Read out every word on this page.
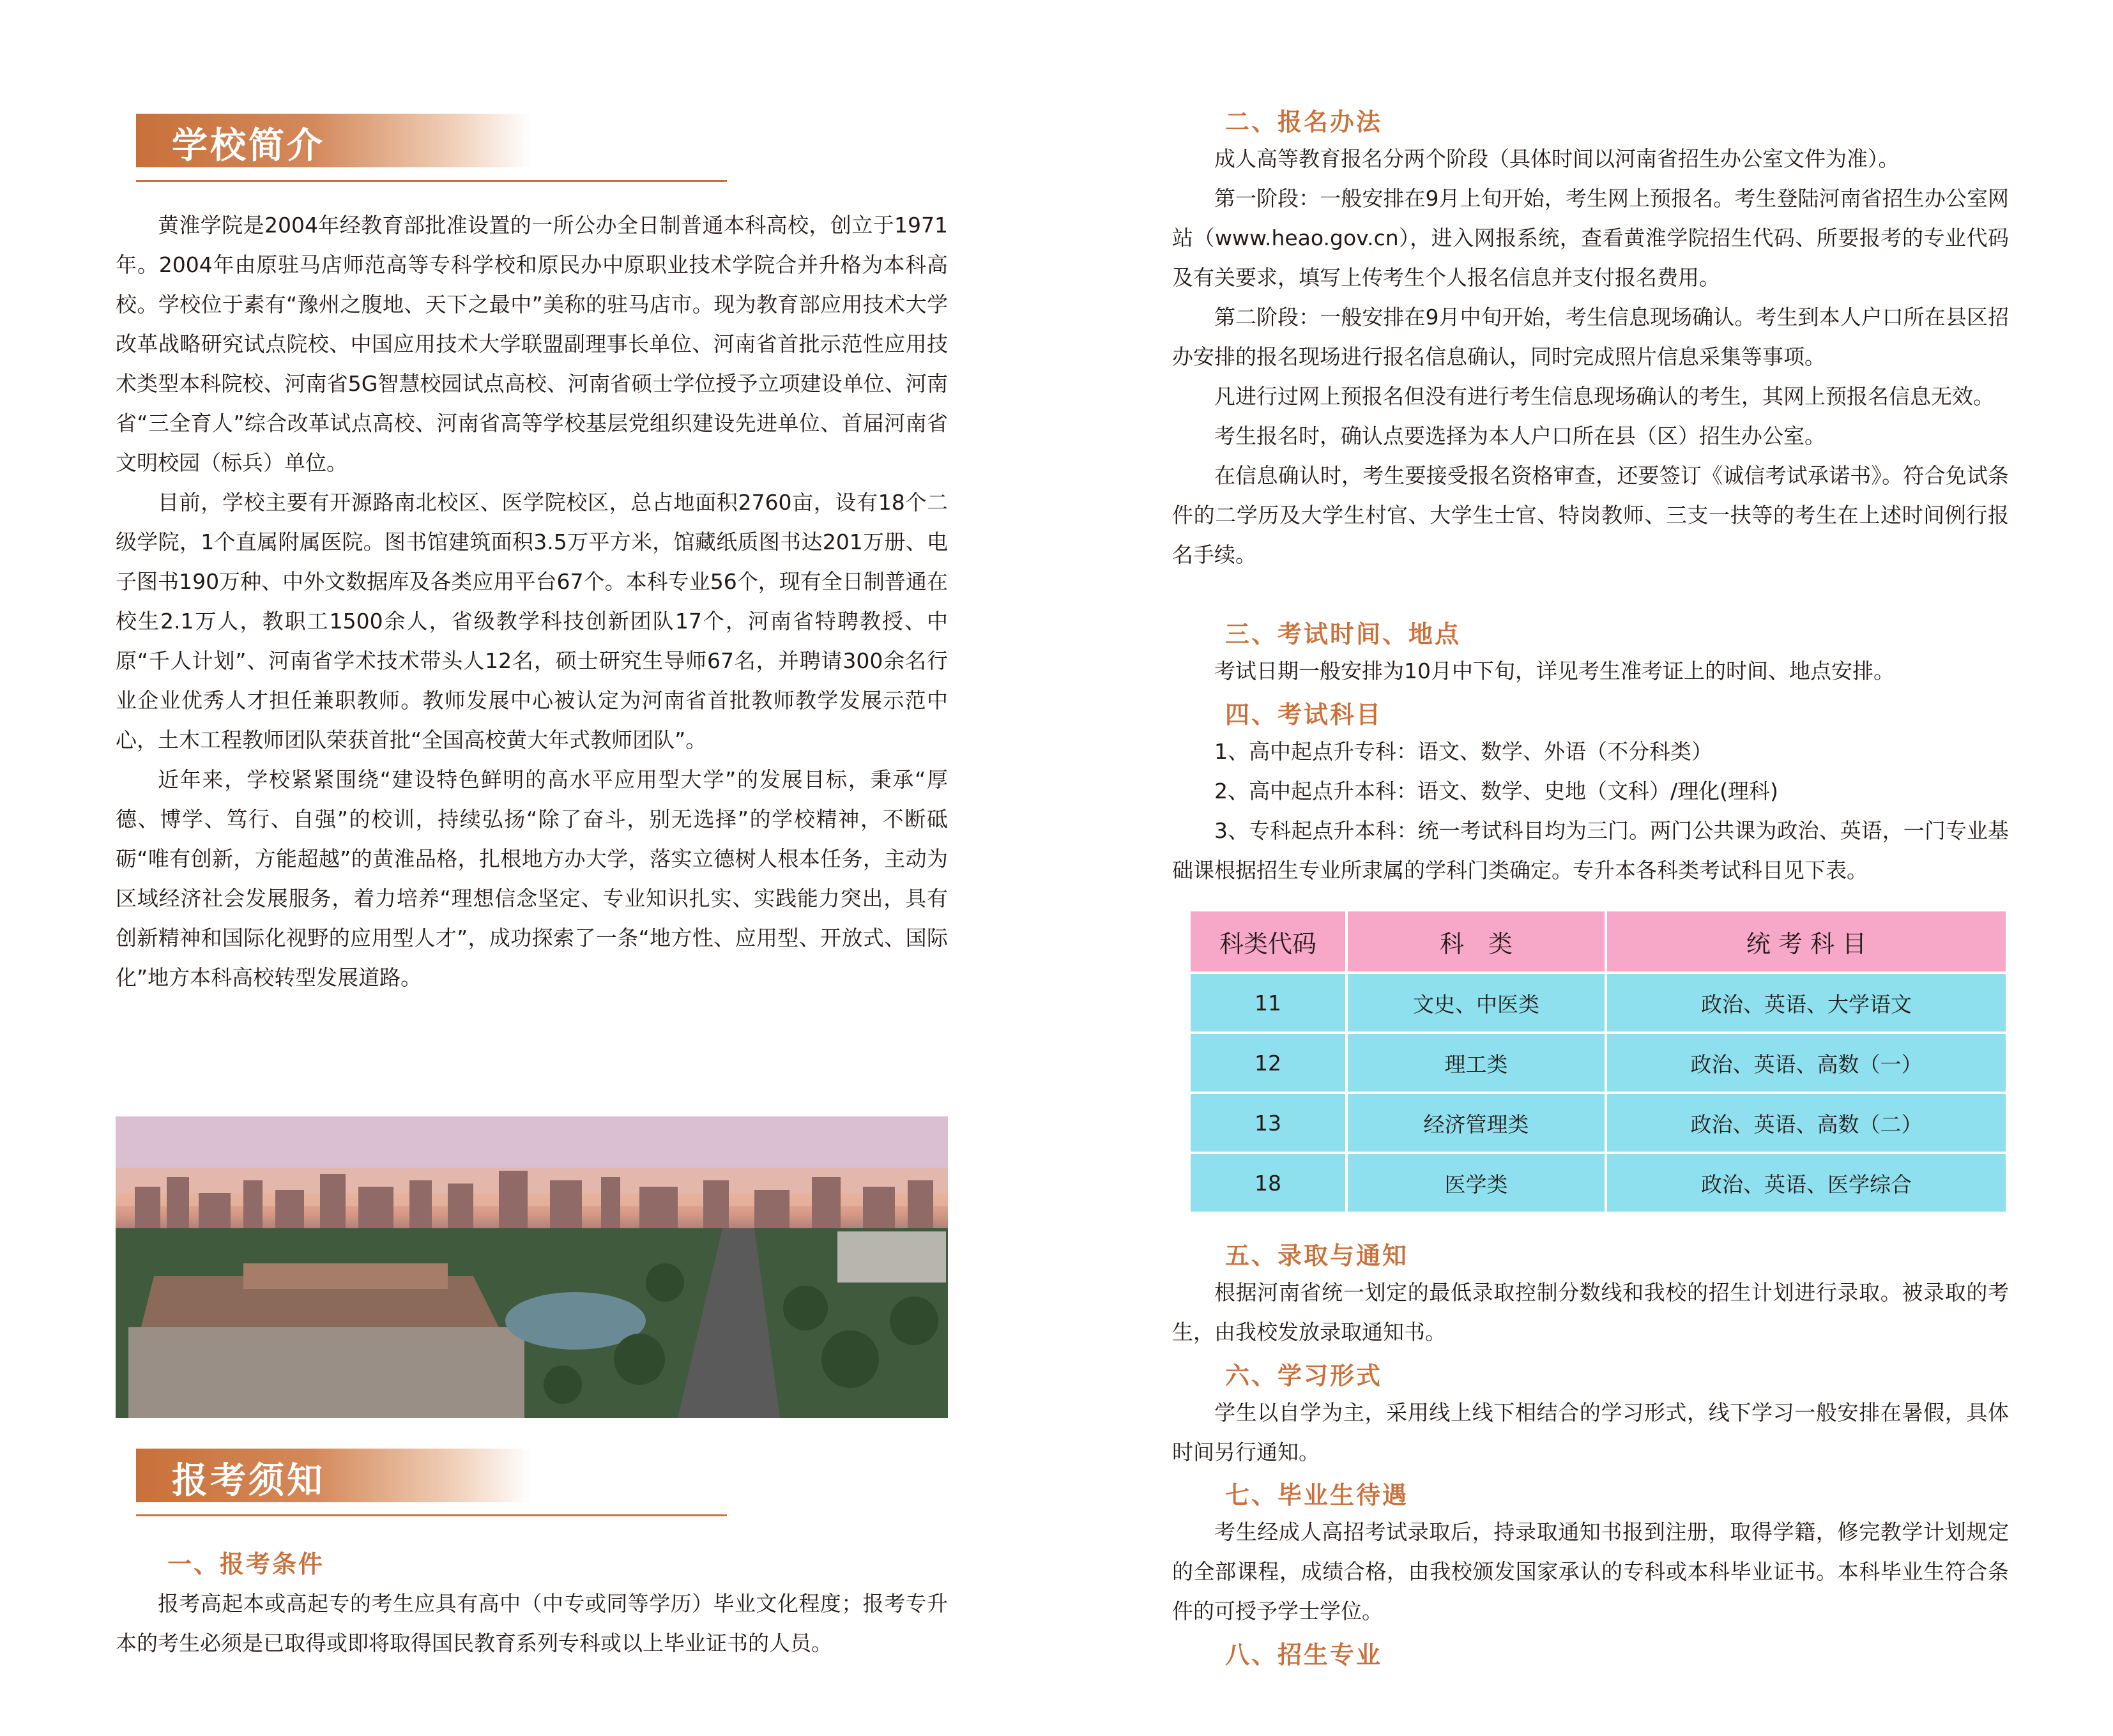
学校简介

黄淮学院是2004年经教育部批准设置的一所公办全日制普通本科高校，创立于1971年。2004年由原驻马店师范高等专科学校和原民办中原职业技术学院合并升格为本科高校。学校位于素有“豫州之腹地、天下之最中”美称的驻马店市。现为教育部应用技术大学改革战略研究试点院校、中国应用技术大学联盟副理事长单位、河南省首批示范性应用技术类型本科院校、河南省5G智慧校园试点高校、河南省硕士学位授予立项建设单位、河南省“三全育人”综合改革试点高校、河南省高等学校基层党组织建设先进单位、首届河南省文明校园（标兵）单位。

目前，学校主要有开源路南北校区、医学院校区，总占地面积2760亩，设有18个二级学院，1个直属附属医院。图书馆建筑面积3.5万平方米，馆藏纸质图书达201万册、电子图书190万种、中外文数据库及各类应用平台67个。本科专业56个，现有全日制普通在校生2.1万人，教职工1500余人，省级教学科技创新团队17个，河南省特聘教授、中原“千人计划”、河南省学术技术带头人12名，硕士研究生导师67名，并聘请300余名行业企业优秀人才担任兼职教师。教师发展中心被认定为河南省首批教师教学发展示范中心，土木工程教师团队荣获首批“全国高校黄大年式教师团队”。

近年来，学校紧紧围绕“建设特色鲜明的高水平应用型大学”的发展目标，秉承“厚德、博学、笃行、自强”的校训，持续弘扬“除了奋斗，别无选择”的学校精神，不断砥砺“唯有创新，方能超越”的黄淮品格，扎根地方办大学，落实立德树人根本任务，主动为区域经济社会发展服务，着力培养“理想信念坚定、专业知识扎实、实践能力突出，具有创新精神和国际化视野的应用型人才”，成功探索了一条“地方性、应用型、开放式、国际化”地方本科高校转型发展道路。

报考须知
一、报考条件

报考高起本或高起专的考生应具有高中（中专或同等学历）毕业文化程度；报考专升本的考生必须是已取得或即将取得国民教育系列专科或以上毕业证书的人员。

二、报名办法

成人高等教育报名分两个阶段（具体时间以河南省招生办公室文件为准）。

第一阶段：一般安排在9月上旬开始，考生网上预报名。考生登陆河南省招生办公室网站（www.heao.gov.cn），进入网报系统，查看黄淮学院招生代码、所要报考的专业代码及有关要求，填写上传考生个人报名信息并支付报名费用。

第二阶段：一般安排在9月中旬开始，考生信息现场确认。考生到本人户口所在县区招办安排的报名现场进行报名信息确认，同时完成照片信息采集等事项。

凡进行过网上预报名但没有进行考生信息现场确认的考生，其网上预报名信息无效。

考生报名时，确认点要选择为本人户口所在县（区）招生办公室。

在信息确认时，考生要接受报名资格审查，还要签订《诚信考试承诺书》。符合免试条件的二学历及大学生村官、大学生士官、特岗教师、三支一扶等的考生在上述时间例行报名手续。

三、考试时间、地点

考试日期一般安排为10月中下旬，详见考生准考证上的时间、地点安排。

四、考试科目

1、高中起点升专科：语文、数学、外语（不分科类）

2、高中起点升本科：语文、数学、史地（文科）/理化(理科)

3、专科起点升本科：统一考试科目均为三门。两门公共课为政治、英语，一门专业基础课根据招生专业所隶属的学科门类确定。专升本各科类考试科目见下表。

科类代码	科　类	统 考 科 目
11	文史、中医类	政治、英语、大学语文
12	理工类	政治、英语、高数（一）
13	经济管理类	政治、英语、高数（二）
18	医学类	政治、英语、医学综合
五、录取与通知

根据河南省统一划定的最低录取控制分数线和我校的招生计划进行录取。被录取的考生，由我校发放录取通知书。

六、学习形式

学生以自学为主，采用线上线下相结合的学习形式，线下学习一般安排在暑假，具体时间另行通知。

七、毕业生待遇

考生经成人高招考试录取后，持录取通知书报到注册，取得学籍，修完教学计划规定的全部课程，成绩合格，由我校颁发国家承认的专科或本科毕业证书。本科毕业生符合条件的可授予学士学位。

八、招生专业
